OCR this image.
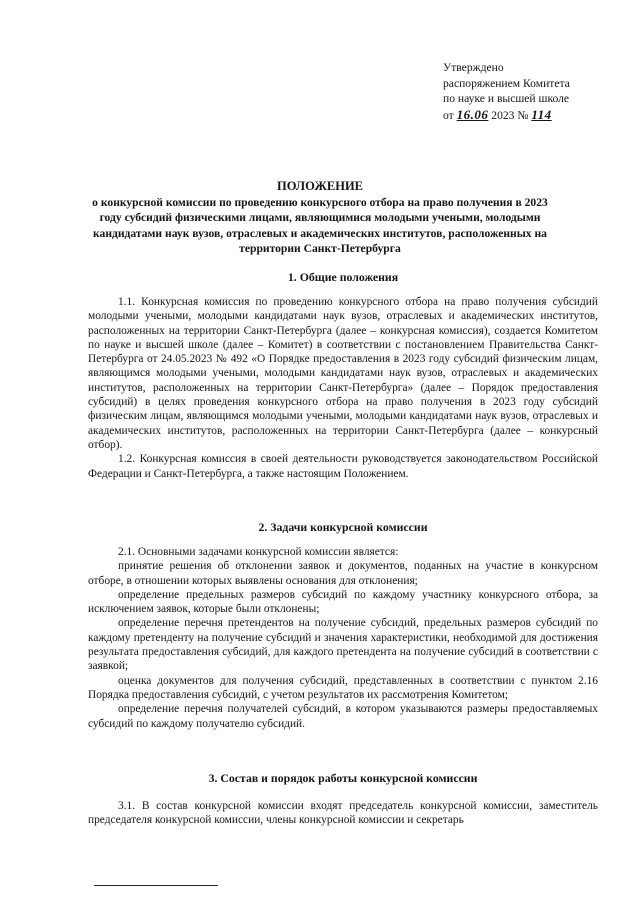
Утверждено
распоряжением Комитета
по науке и высшей школе
от 16.06 2023 № 114
ПОЛОЖЕНИЕ
о конкурсной комиссии по проведению конкурсного отбора на право получения в 2023 году субсидий физическими лицами, являющимися молодыми учеными, молодыми кандидатами наук вузов, отраслевых и академических институтов, расположенных на территории Санкт-Петербурга
1. Общие положения

1.1. Конкурсная комиссия по проведению конкурсного отбора на право получения субсидий молодыми учеными, молодыми кандидатами наук вузов, отраслевых и академических институтов, расположенных на территории Санкт-Петербурга (далее – конкурсная комиссия), создается Комитетом по науке и высшей школе (далее – Комитет) в соответствии с постановлением Правительства Санкт-Петербурга от 24.05.2023 № 492 «О Порядке предоставления в 2023 году субсидий физическим лицам, являющимся молодыми учеными, молодыми кандидатами наук вузов, отраслевых и академических институтов, расположенных на территории Санкт-Петербурга» (далее – Порядок предоставления субсидий) в целях проведения конкурсного отбора на право получения в 2023 году субсидий физическим лицам, являющимся молодыми учеными, молодыми кандидатами наук вузов, отраслевых и академических институтов, расположенных на территории Санкт-Петербурга (далее – конкурсный отбор).

1.2. Конкурсная комиссия в своей деятельности руководствуется законодательством Российской Федерации и Санкт-Петербурга, а также настоящим Положением.

2. Задачи конкурсной комиссии

2.1. Основными задачами конкурсной комиссии является:

принятие решения об отклонении заявок и документов, поданных на участие в конкурсном отборе, в отношении которых выявлены основания для отклонения;

определение предельных размеров субсидий по каждому участнику конкурсного отбора, за исключением заявок, которые были отклонены;

определение перечня претендентов на получение субсидий, предельных размеров субсидий по каждому претенденту на получение субсидий и значения характеристики, необходимой для достижения результата предоставления субсидий, для каждого претендента на получение субсидий в соответствии с заявкой;

оценка документов для получения субсидий, представленных в соответствии с пунктом 2.16 Порядка предоставления субсидий, с учетом результатов их рассмотрения Комитетом;

определение перечня получателей субсидий, в котором указываются размеры предоставляемых субсидий по каждому получателю субсидий.

3. Состав и порядок работы конкурсной комиссии

3.1. В состав конкурсной комиссии входят председатель конкурсной комиссии, заместитель председателя конкурсной комиссии, члены конкурсной комиссии и секретарь
